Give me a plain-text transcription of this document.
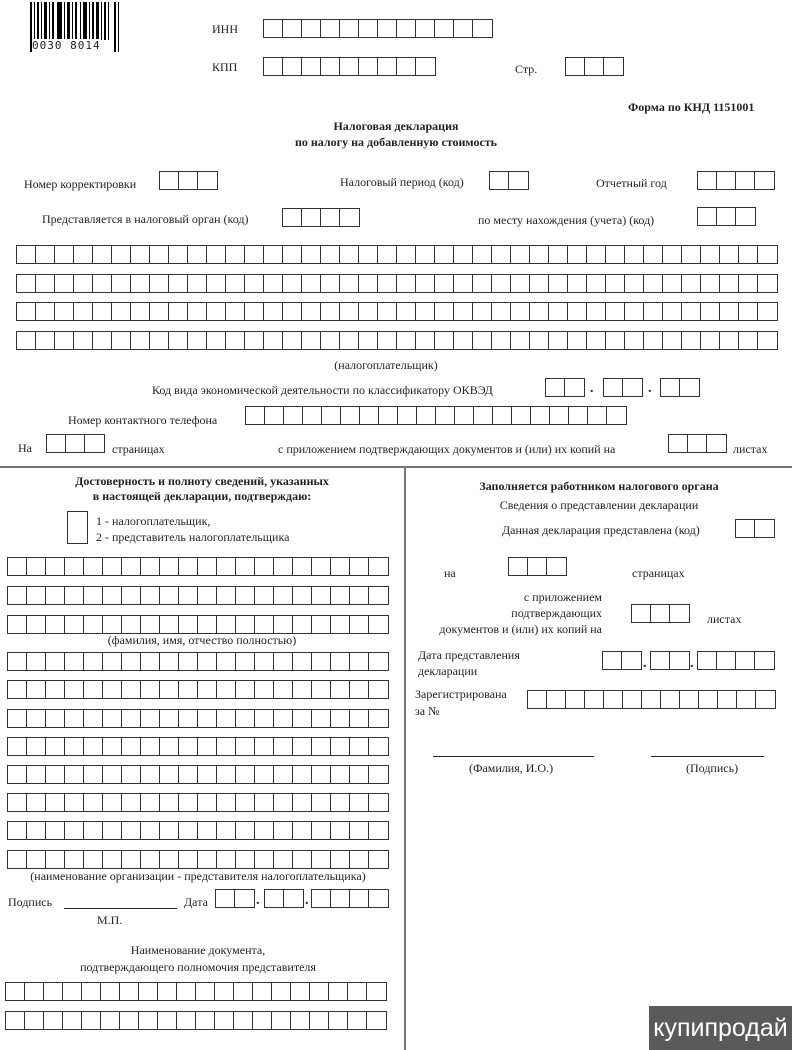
0030 8014
ИНН
КПП	Стр.
Форма по КНД 1151001
Налоговая декларация
по налогу на добавленную стоимость
Номер корректировки	Налоговый период (код)	Отчетный год
Представляется в налоговый орган (код)	по месту нахождения (учета) (код)
(налогоплательщик)
Код вида экономической деятельности по классификатору ОКВЭД	.	.
Номер контактного телефона
На	страницах	с приложением подтверждающих документов и (или) их копий на	листах
Достоверность и полноту сведений, указанных
в настоящей декларации, подтверждаю:
1 - налогоплательщик,
2 - представитель налогоплательщика
(фамилия, имя, отчество полностью)
(наименование организации - представителя налогоплательщика)
Подпись	Дата	.	.
М.П.
Наименование документа,
подтверждающего полномочия представителя
Заполняется работником налогового органа
Сведения о представлении декларации
Данная декларация представлена (код)
на	страницах
с приложением
подтверждающих
документов и (или) их копий на
листах
Дата представления
декларации	.	.
Зарегистрирована
за №
(Фамилия, И.О.)	(Подпись)
купипродай
